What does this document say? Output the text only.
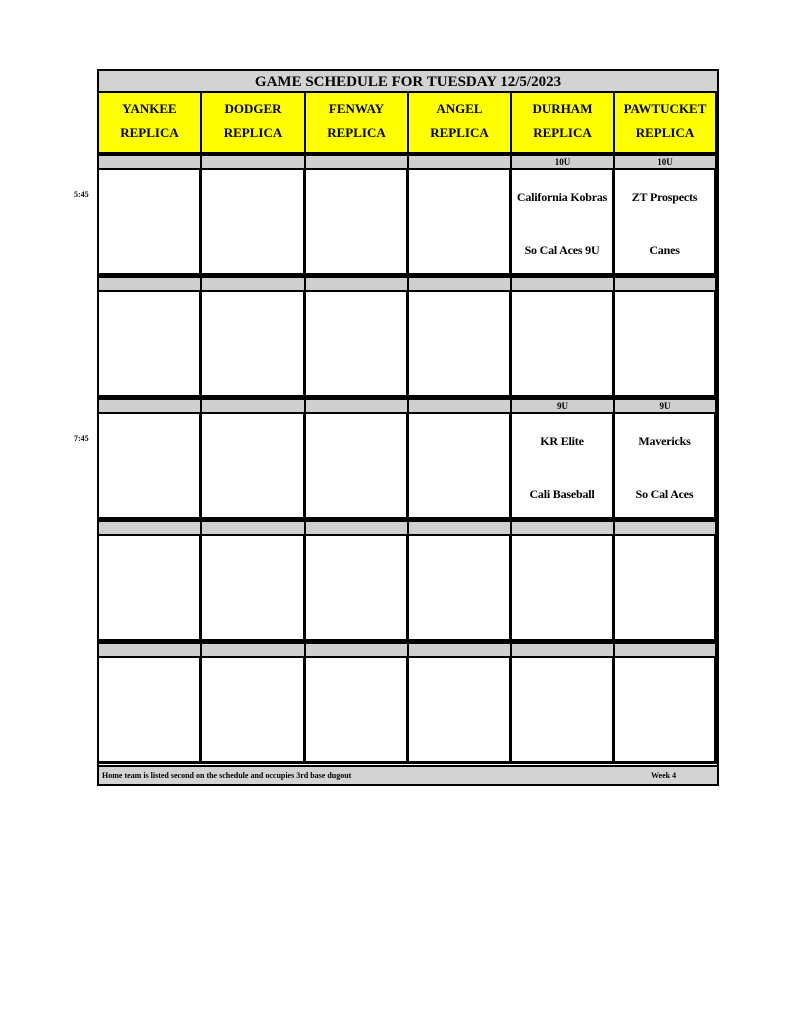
GAME SCHEDULE FOR TUESDAY 12/5/2023
Home team is listed second on the schedule and occupies 3rd base dugout	Week 4
YANKEE
REPLICA
DODGER
REPLICA
FENWAY
REPLICA
ANGEL
REPLICA
DURHAM
REPLICA
PAWTUCKET
REPLICA
10U
California Kobras
So Cal Aces 9U
10U
ZT Prospects
Canes
9U
KR Elite
Cali Baseball
9U
Mavericks
So Cal Aces
5:45
7:45
